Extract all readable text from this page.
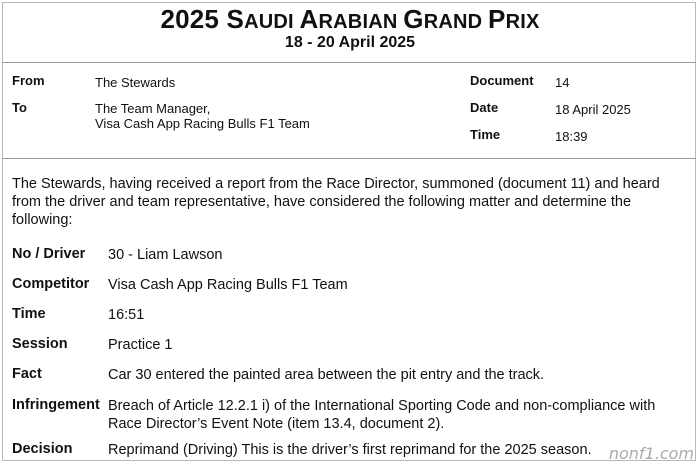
2025 SAUDI ARABIAN GRAND PRIX
18 - 20 April 2025
From	The Stewards
To	The Team Manager,
Visa Cash App Racing Bulls F1 Team
Document 14
Date	18 April 2025
Time	18:39
The Stewards, having received a report from the Race Director, summoned (document 11) and heard from the driver and team representative, have considered the following matter and determine the following:
No / Driver 30 - Liam Lawson
Competitor Visa Cash App Racing Bulls F1 Team
Time	16:51
Session	Practice 1
Fact	Car 30 entered the painted area between the pit entry and the track.
Infringement Breach of Article 12.2.1 i) of the International Sporting Code and non-compliance with Race Director’s Event Note (item 13.4, document 2).
Decision Reprimand (Driving) This is the driver’s first reprimand for the 2025 season.	nonf1.com
